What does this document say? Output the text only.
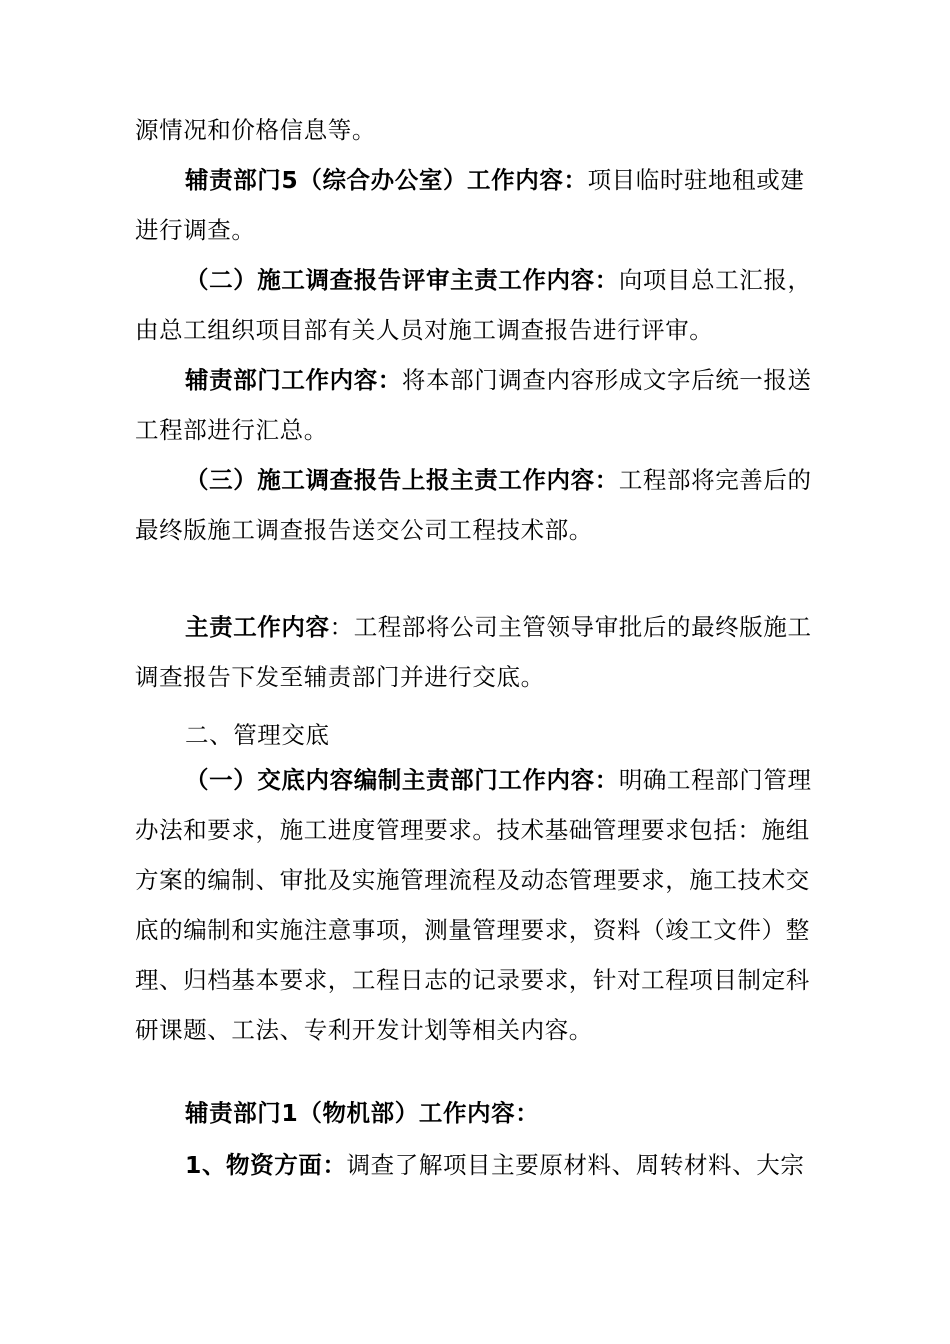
源情况和价格信息等。
辅责部门5（综合办公室）工作内容：项目临时驻地租或建
进行调查。
（二）施工调查报告评审主责工作内容：向项目总工汇报，
由总工组织项目部有关人员对施工调查报告进行评审。
辅责部门工作内容：将本部门调查内容形成文字后统一报送
工程部进行汇总。
（三）施工调查报告上报主责工作内容：工程部将完善后的
最终版施工调查报告送交公司工程技术部。
主责工作内容：工程部将公司主管领导审批后的最终版施工
调查报告下发至辅责部门并进行交底。
二、管理交底
（一）交底内容编制主责部门工作内容：明确工程部门管理
办法和要求，施工进度管理要求。技术基础管理要求包括：施组
方案的编制、审批及实施管理流程及动态管理要求，施工技术交
底的编制和实施注意事项，测量管理要求，资料（竣工文件）整
理、归档基本要求，工程日志的记录要求，针对工程项目制定科
研课题、工法、专利开发计划等相关内容。
辅责部门1（物机部）工作内容：
1、物资方面：调查了解项目主要原材料、周转材料、大宗
